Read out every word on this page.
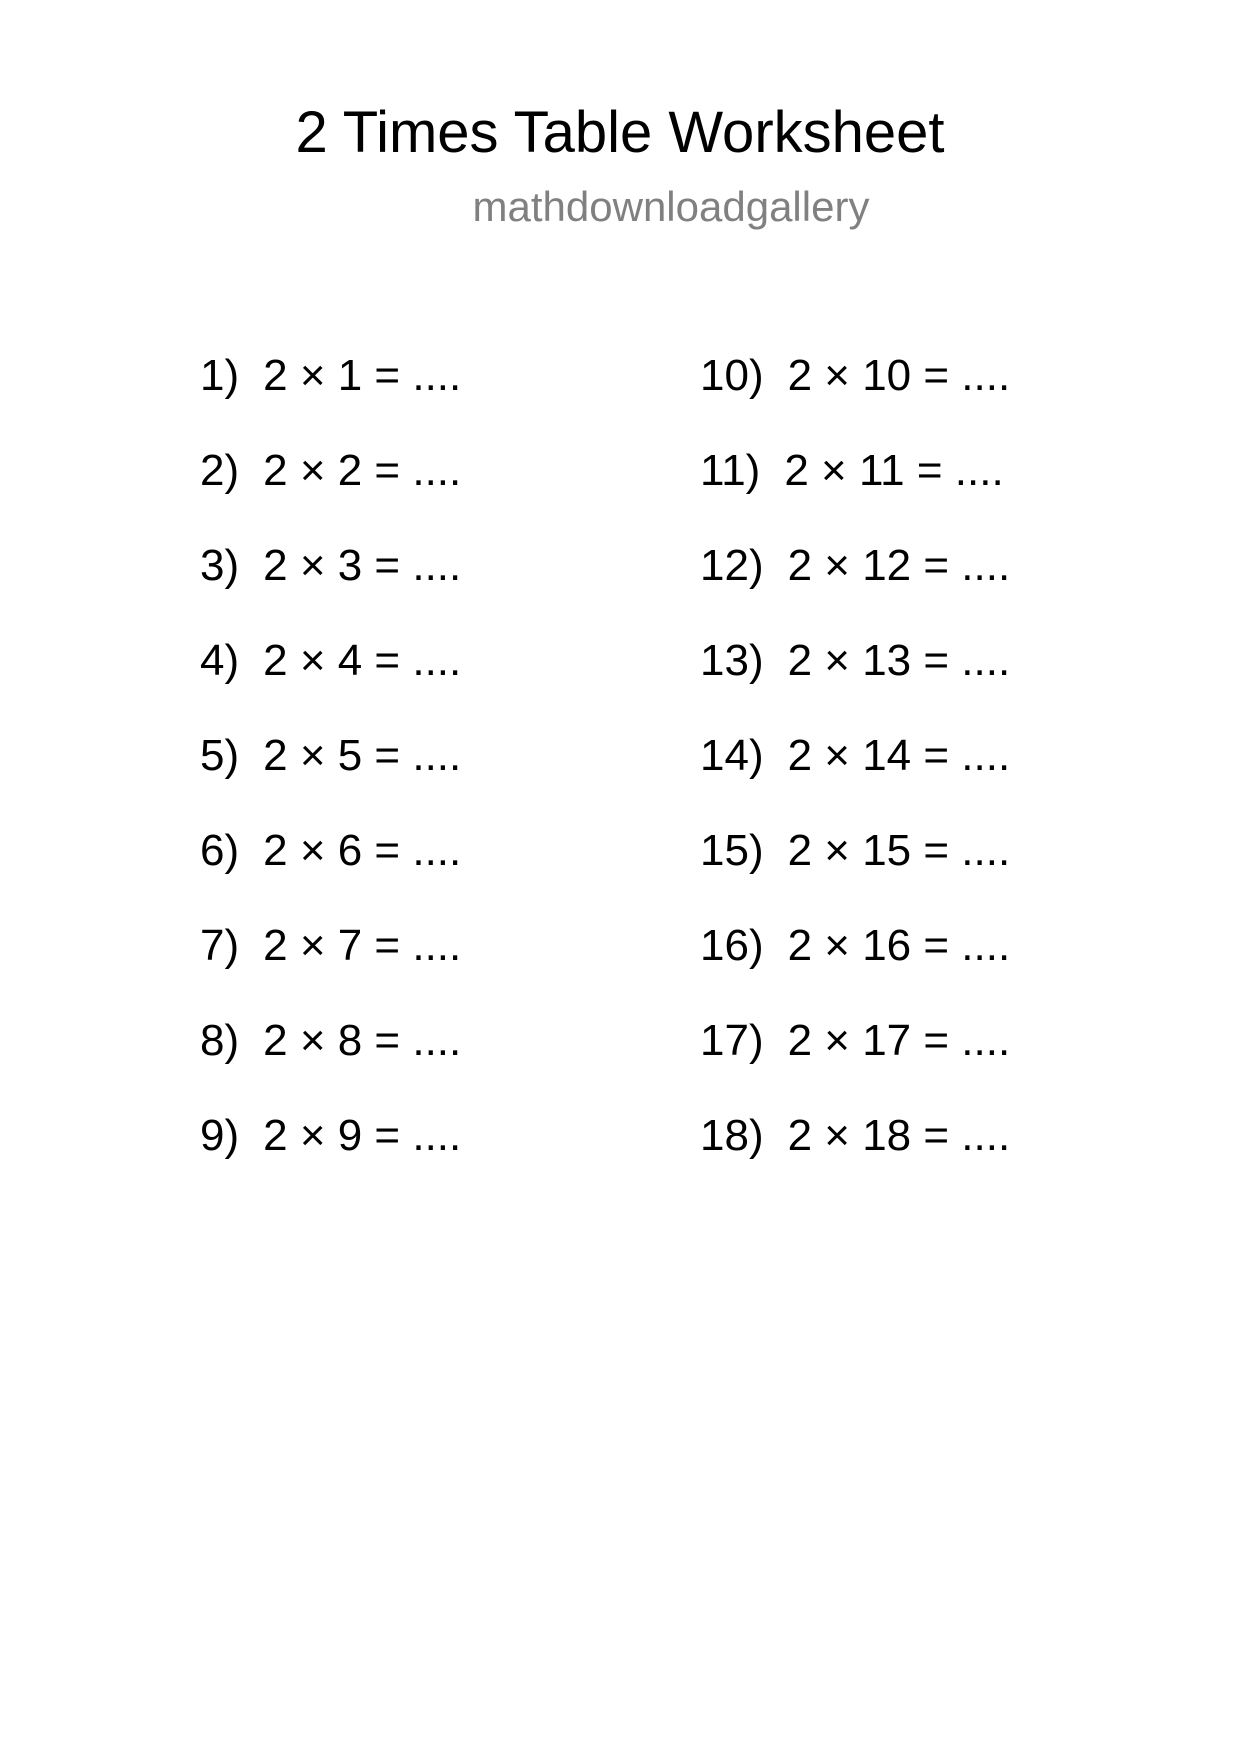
2 Times Table Worksheet
mathdownloadgallery
1) 2 × 1 = ....
2) 2 × 2 = ....
3) 2 × 3 = ....
4) 2 × 4 = ....
5) 2 × 5 = ....
6) 2 × 6 = ....
7) 2 × 7 = ....
8) 2 × 8 = ....
9) 2 × 9 = ....
10) 2 × 10 = ....
11) 2 × 11 = ....
12) 2 × 12 = ....
13) 2 × 13 = ....
14) 2 × 14 = ....
15) 2 × 15 = ....
16) 2 × 16 = ....
17) 2 × 17 = ....
18) 2 × 18 = ....
